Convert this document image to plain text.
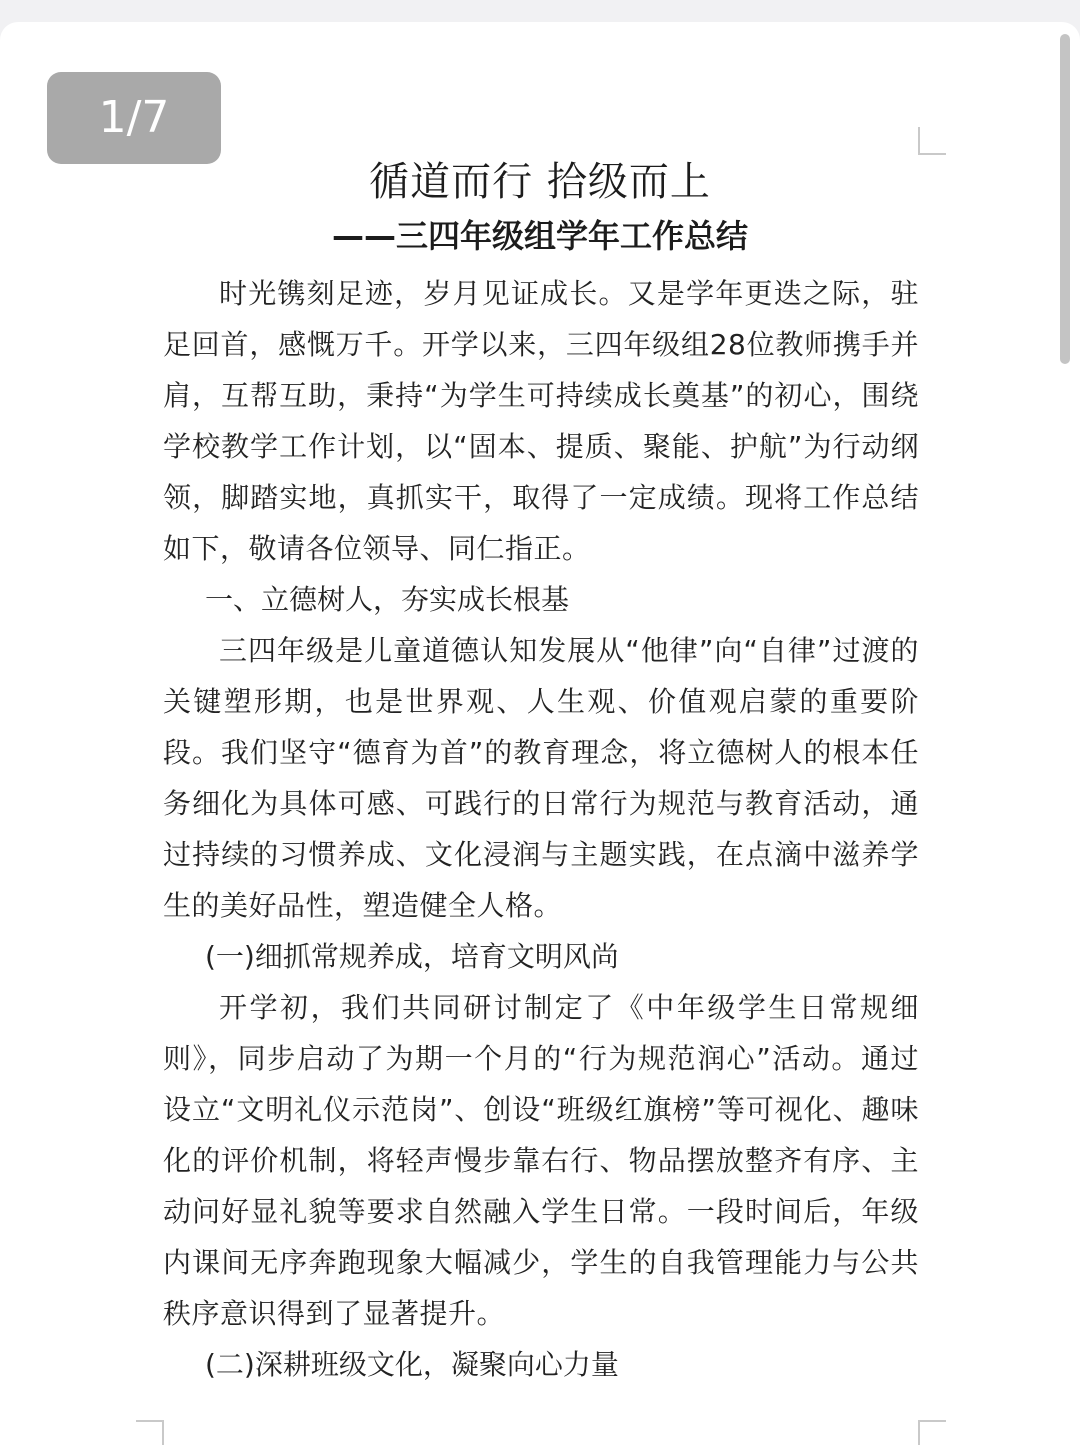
循道而行 拾级而上
——三四年级组学年工作总结

时光镌刻足迹，岁月见证成长。又是学年更迭之际，驻足回首，感慨万千。开学以来，三四年级组28位教师携手并肩，互帮互助，秉持“为学生可持续成长奠基”的初心，围绕学校教学工作计划，以“固本、提质、聚能、护航”为行动纲领，脚踏实地，真抓实干，取得了一定成绩。现将工作总结如下，敬请各位领导、同仁指正。

一、立德树人，夯实成长根基

三四年级是儿童道德认知发展从“他律”向“自律”过渡的关键塑形期，也是世界观、人生观、价值观启蒙的重要阶段。我们坚守“德育为首”的教育理念，将立德树人的根本任务细化为具体可感、可践行的日常行为规范与教育活动，通过持续的习惯养成、文化浸润与主题实践，在点滴中滋养学生的美好品性，塑造健全人格。

(一)细抓常规养成，培育文明风尚

开学初，我们共同研讨制定了《中年级学生日常规细则》，同步启动了为期一个月的“行为规范润心”活动。通过设立“文明礼仪示范岗”、创设“班级红旗榜”等可视化、趣味化的评价机制，将轻声慢步靠右行、物品摆放整齐有序、主动问好显礼貌等要求自然融入学生日常。一段时间后，年级内课间无序奔跑现象大幅减少，学生的自我管理能力与公共秩序意识得到了显著提升。

(二)深耕班级文化，凝聚向心力量

1/7
